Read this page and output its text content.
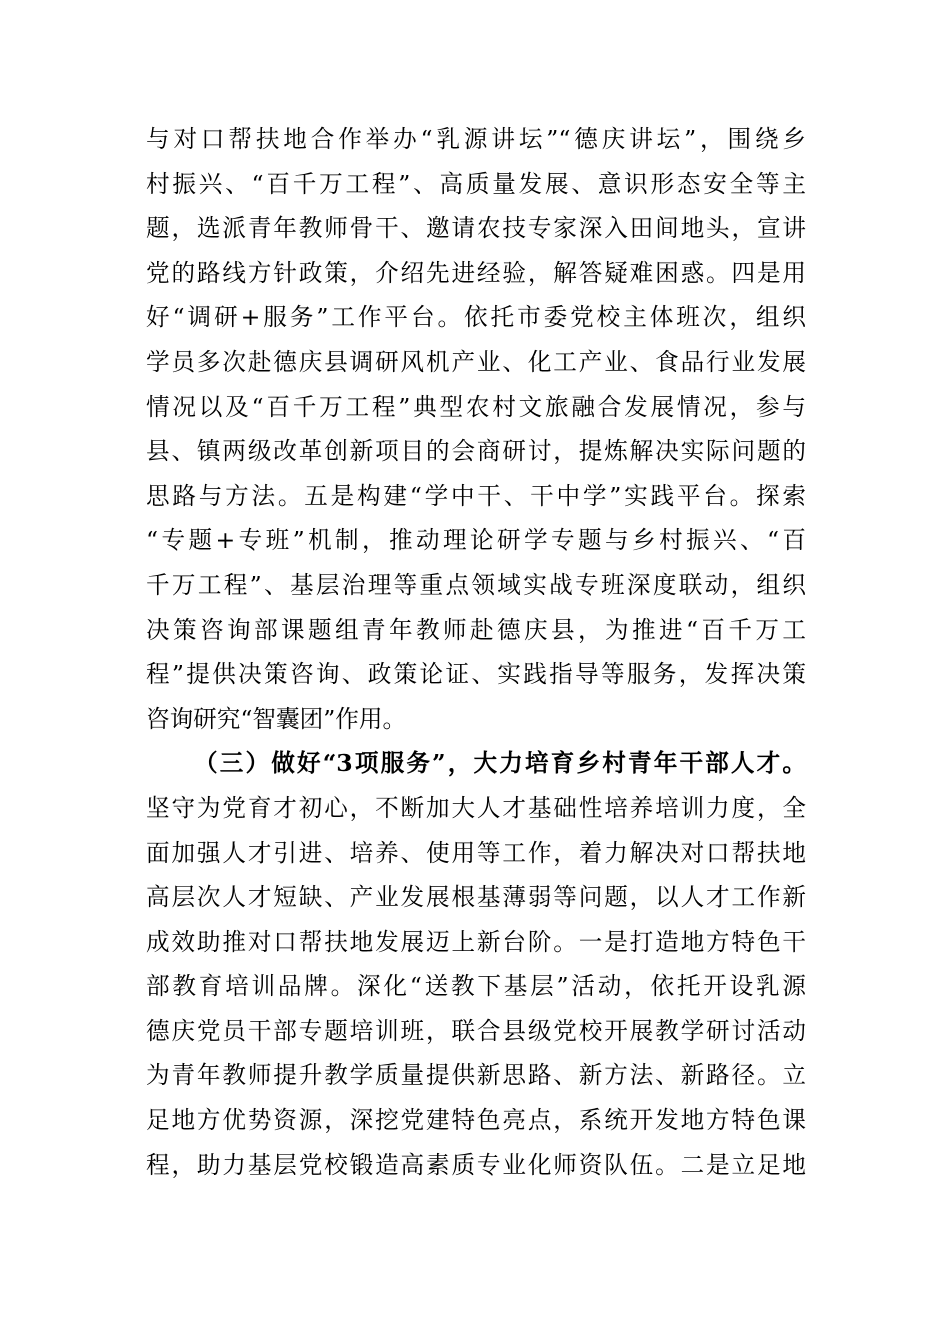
与对口帮扶地合作举办“乳源讲坛”“德庆讲坛”，围绕乡
村振兴、“百千万工程”、高质量发展、意识形态安全等主
题，选派青年教师骨干、邀请农技专家深入田间地头，宣讲
党的路线方针政策，介绍先进经验，解答疑难困惑。四是用
好“调研+服务”工作平台。依托市委党校主体班次，组织
学员多次赴德庆县调研风机产业、化工产业、食品行业发展
情况以及“百千万工程”典型农村文旅融合发展情况，参与
县、镇两级改革创新项目的会商研讨，提炼解决实际问题的
思路与方法。五是构建“学中干、干中学”实践平台。探索
“专题+专班”机制，推动理论研学专题与乡村振兴、“百
千万工程”、基层治理等重点领域实战专班深度联动，组织
决策咨询部课题组青年教师赴德庆县，为推进“百千万工
程”提供决策咨询、政策论证、实践指导等服务，发挥决策
咨询研究“智囊团”作用。
（三）做好“3项服务”，大力培育乡村青年干部人才。
坚守为党育才初心，不断加大人才基础性培养培训力度，全
面加强人才引进、培养、使用等工作，着力解决对口帮扶地
高层次人才短缺、产业发展根基薄弱等问题，以人才工作新
成效助推对口帮扶地发展迈上新台阶。一是打造地方特色干
部教育培训品牌。深化“送教下基层”活动，依托开设乳源
德庆党员干部专题培训班，联合县级党校开展教学研讨活动
为青年教师提升教学质量提供新思路、新方法、新路径。立
足地方优势资源，深挖党建特色亮点，系统开发地方特色课
程，助力基层党校锻造高素质专业化师资队伍。二是立足地
